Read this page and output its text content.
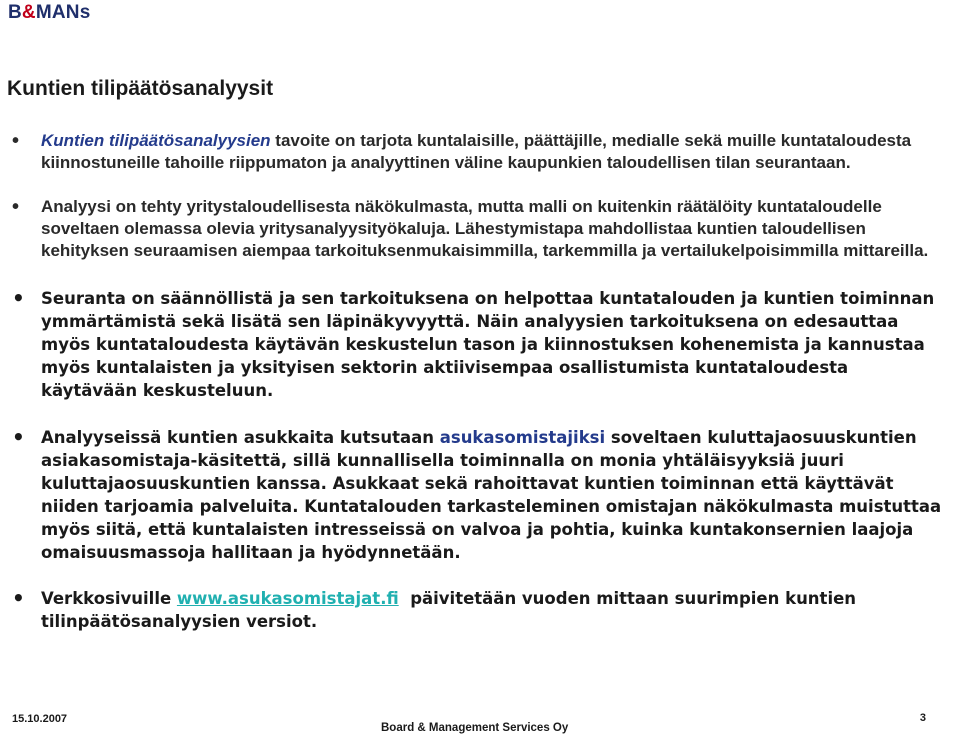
B&MANs
Kuntien tilipäätösanalyysit
• Kuntien tilipäätösanalyysien tavoite on tarjota kuntalaisille, päättäjille, medialle sekä muille kuntataloudesta kiinnostuneille tahoille riippumaton ja analyyttinen väline kaupunkien taloudellisen tilan seurantaan.
• Analyysi on tehty yritystaloudellisesta näkökulmasta, mutta malli on kuitenkin räätälöity kuntataloudelle soveltaen olemassa olevia yritysanalyysityökaluja. Lähestymistapa mahdollistaa kuntien taloudellisen kehityksen seuraamisen aiempaa tarkoituksenmukaisimmilla, tarkemmilla ja vertailukelpoisimmilla mittareilla.
• Seuranta on säännöllistä ja sen tarkoituksena on helpottaa kuntatalouden ja kuntien toiminnan ymmärtämistä sekä lisätä sen läpinäkyvyyttä. Näin analyysien tarkoituksena on edesauttaa myös kuntataloudesta käytävän keskustelun tason ja kiinnostuksen kohenemista ja kannustaa myös kuntalaisten ja yksityisen sektorin aktiivisempaa osallistumista kuntataloudesta käytävään keskusteluun.
• Analyyseissä kuntien asukkaita kutsutaan asukasomistajiksi soveltaen kuluttajaosuuskuntien asiakasomistaja-käsitettä, sillä kunnallisella toiminnalla on monia yhtäläisyyksiä juuri kuluttajaosuuskuntien kanssa. Asukkaat sekä rahoittavat kuntien toiminnan että käyttävät niiden tarjoamia palveluita. Kuntatalouden tarkasteleminen omistajan näkökulmasta muistuttaa myös siitä, että kuntalaisten intresseissä on valvoa ja pohtia, kuinka kuntakonsernien laajoja omaisuusmassoja hallitaan ja hyödynnetään.
• Verkkosivuille www.asukasomistajat.fi  päivitetään vuoden mittaan suurimpien kuntien tilinpäätösanalyysien versiot.
15.10.2007
Board & Management Services Oy
3
